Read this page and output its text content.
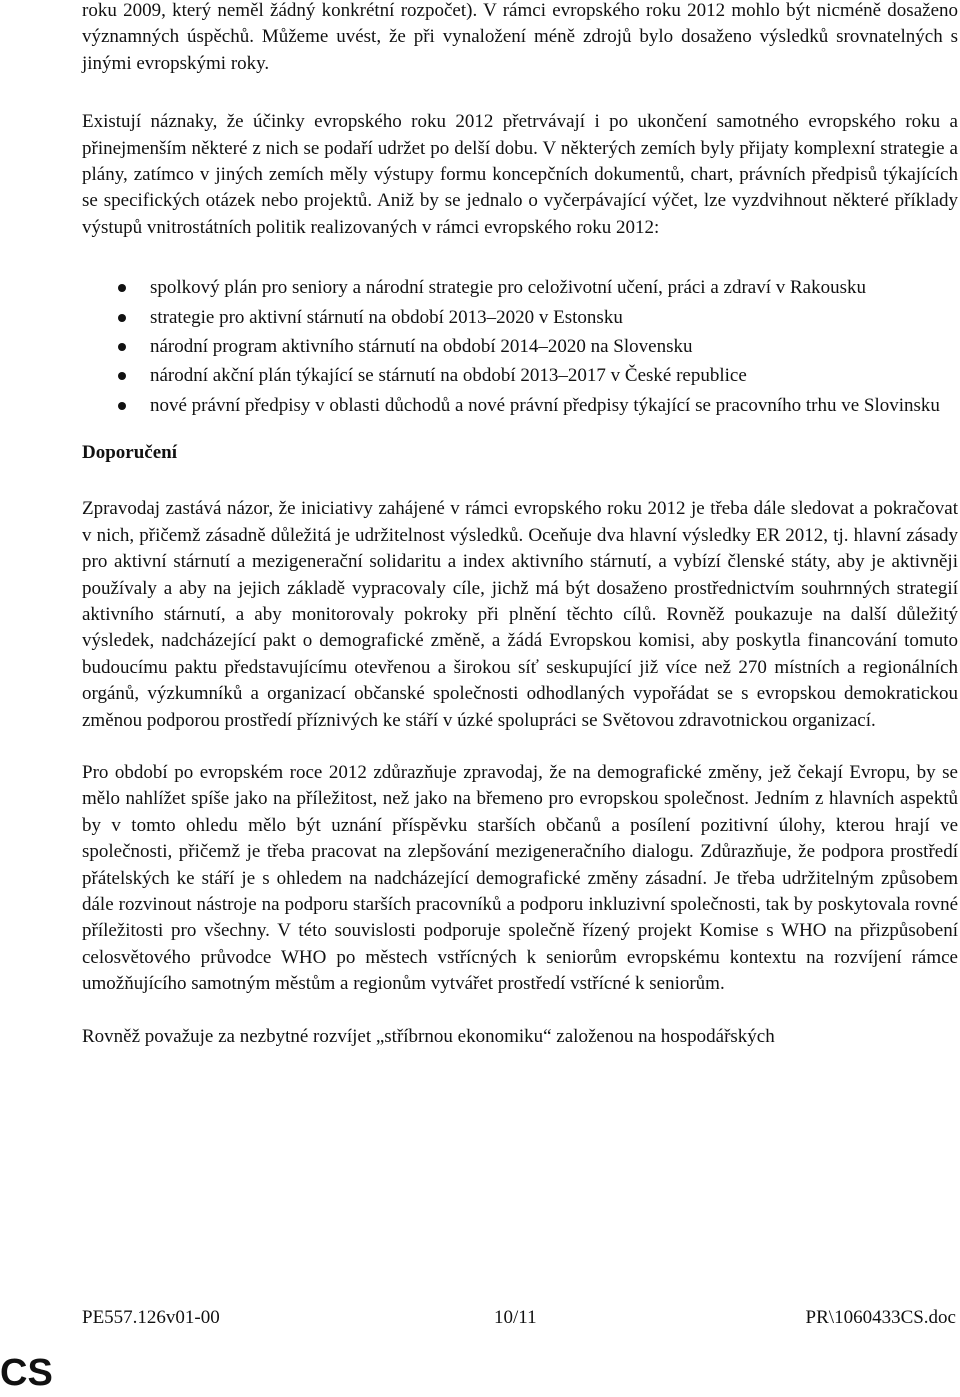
roku 2009, který neměl žádný konkrétní rozpočet). V rámci evropského roku 2012 mohlo být nicméně dosaženo významných úspěchů. Můžeme uvést, že při vynaložení méně zdrojů bylo dosaženo výsledků srovnatelných s jinými evropskými roky.

Existují náznaky, že účinky evropského roku 2012 přetrvávají i po ukončení samotného evropského roku a přinejmenším některé z nich se podaří udržet po delší dobu. V některých zemích byly přijaty komplexní strategie a plány, zatímco v jiných zemích měly výstupy formu koncepčních dokumentů, chart, právních předpisů týkajících se specifických otázek nebo projektů. Aniž by se jednalo o vyčerpávající výčet, lze vyzdvihnout některé příklady výstupů vnitrostátních politik realizovaných v rámci evropského roku 2012:

spolkový plán pro seniory a národní strategie pro celoživotní učení, práci a zdraví v Rakousku
strategie pro aktivní stárnutí na období 2013–2020 v Estonsku
národní program aktivního stárnutí na období 2014–2020 na Slovensku
národní akční plán týkající se stárnutí na období 2013–2017 v České republice
nové právní předpisy v oblasti důchodů a nové právní předpisy týkající se pracovního trhu ve Slovinsku
Doporučení

Zpravodaj zastává názor, že iniciativy zahájené v rámci evropského roku 2012 je třeba dále sledovat a pokračovat v nich, přičemž zásadně důležitá je udržitelnost výsledků. Oceňuje dva hlavní výsledky ER 2012, tj. hlavní zásady pro aktivní stárnutí a mezigenerační solidaritu a index aktivního stárnutí, a vybízí členské státy, aby je aktivněji používaly a aby na jejich základě vypracovaly cíle, jichž má být dosaženo prostřednictvím souhrnných strategií aktivního stárnutí, a aby monitorovaly pokroky při plnění těchto cílů. Rovněž poukazuje na další důležitý výsledek, nadcházející pakt o demografické změně, a žádá Evropskou komisi, aby poskytla financování tomuto budoucímu paktu představujícímu otevřenou a širokou síť seskupující již více než 270 místních a regionálních orgánů, výzkumníků a organizací občanské společnosti odhodlaných vypořádat se s evropskou demokratickou změnou podporou prostředí příznivých ke stáří v úzké spolupráci se Světovou zdravotnickou organizací.

Pro období po evropském roce 2012 zdůrazňuje zpravodaj, že na demografické změny, jež čekají Evropu, by se mělo nahlížet spíše jako na příležitost, než jako na břemeno pro evropskou společnost. Jedním z hlavních aspektů by v tomto ohledu mělo být uznání příspěvku starších občanů a posílení pozitivní úlohy, kterou hrají ve společnosti, přičemž je třeba pracovat na zlepšování mezigeneračního dialogu. Zdůrazňuje, že podpora prostředí přátelských ke stáří je s ohledem na nadcházející demografické změny zásadní. Je třeba udržitelným způsobem dále rozvinout nástroje na podporu starších pracovníků a podporu inkluzivní společnosti, tak by poskytovala rovné příležitosti pro všechny. V této souvislosti podporuje společně řízený projekt Komise s WHO na přizpůsobení celosvětového průvodce WHO po městech vstřícných k seniorům evropskému kontextu na rozvíjení rámce umožňujícího samotným městům a regionům vytvářet prostředí vstřícné k seniorům.

Rovněž považuje za nezbytné rozvíjet „stříbrnou ekonomiku“ založenou na hospodářských

PE557.126v01-00	10/11	PR\1060433CS.doc
CS
